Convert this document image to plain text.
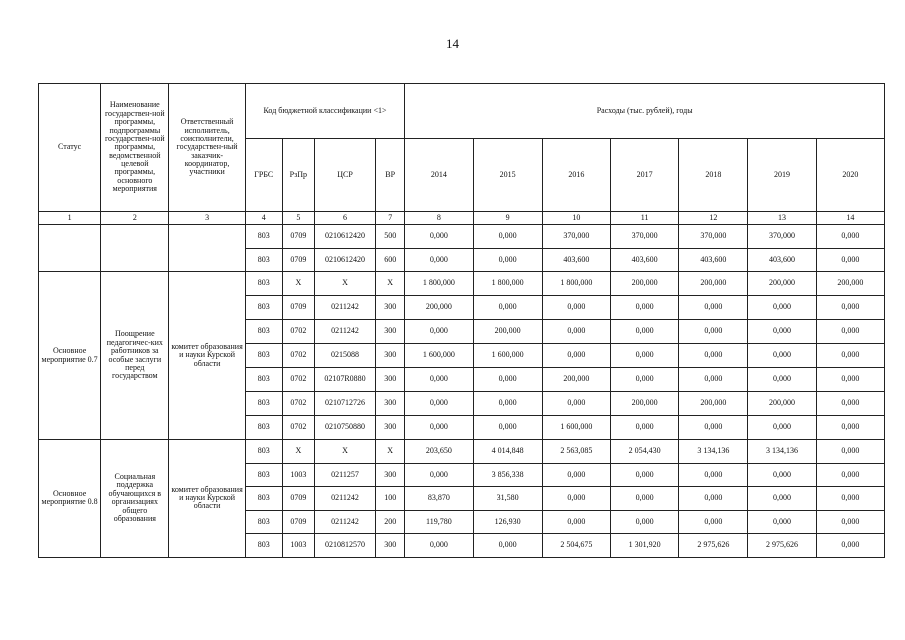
14
Статус	Наименование государствен-ной программы, подпрограммы государствен-ной программы, ведомственной целевой программы, основного мероприятия	Ответственный исполнитель, соисполнители, государствен-ный заказчик-координатор, участники	Код бюджетной классификации <1>				Расходы (тыс. рублей), годы						
			ГРБС	РзПр	ЦСР	ВР	2014	2015	2016	2017	2018	2019	2020
1	2	3	4	5	6	7	8	9	10	11	12	13	14
			803	0709	0210612420	500	0,000	0,000	370,000	370,000	370,000	370,000	0,000
			803	0709	0210612420	600	0,000	0,000	403,600	403,600	403,600	403,600	0,000
Основное мероприятие 0.7	Поощрение педагогичес-ких работников за особые заслуги перед государством	комитет образования и науки Курской области	803	Х	Х	Х	1 800,000	1 800,000	1 800,000	200,000	200,000	200,000	200,000
			803	0709	0211242	300	200,000	0,000	0,000	0,000	0,000	0,000	0,000
			803	0702	0211242	300	0,000	200,000	0,000	0,000	0,000	0,000	0,000
			803	0702	0215088	300	1 600,000	1 600,000	0,000	0,000	0,000	0,000	0,000
			803	0702	02107R0880	300	0,000	0,000	200,000	0,000	0,000	0,000	0,000
			803	0702	0210712726	300	0,000	0,000	0,000	200,000	200,000	200,000	0,000
			803	0702	0210750880	300	0,000	0,000	1 600,000	0,000	0,000	0,000	0,000
Основное мероприятие 0.8	Социальная поддержка обучающихся в организациях общего образования	комитет образования и науки Курской области	803	Х	Х	Х	203,650	4 014,848	2 563,085	2 054,430	3 134,136	3 134,136	0,000
			803	1003	0211257	300	0,000	3 856,338	0,000	0,000	0,000	0,000	0,000
			803	0709	0211242	100	83,870	31,580	0,000	0,000	0,000	0,000	0,000
			803	0709	0211242	200	119,780	126,930	0,000	0,000	0,000	0,000	0,000
			803	1003	0210812570	300	0,000	0,000	2 504,675	1 301,920	2 975,626	2 975,626	0,000
